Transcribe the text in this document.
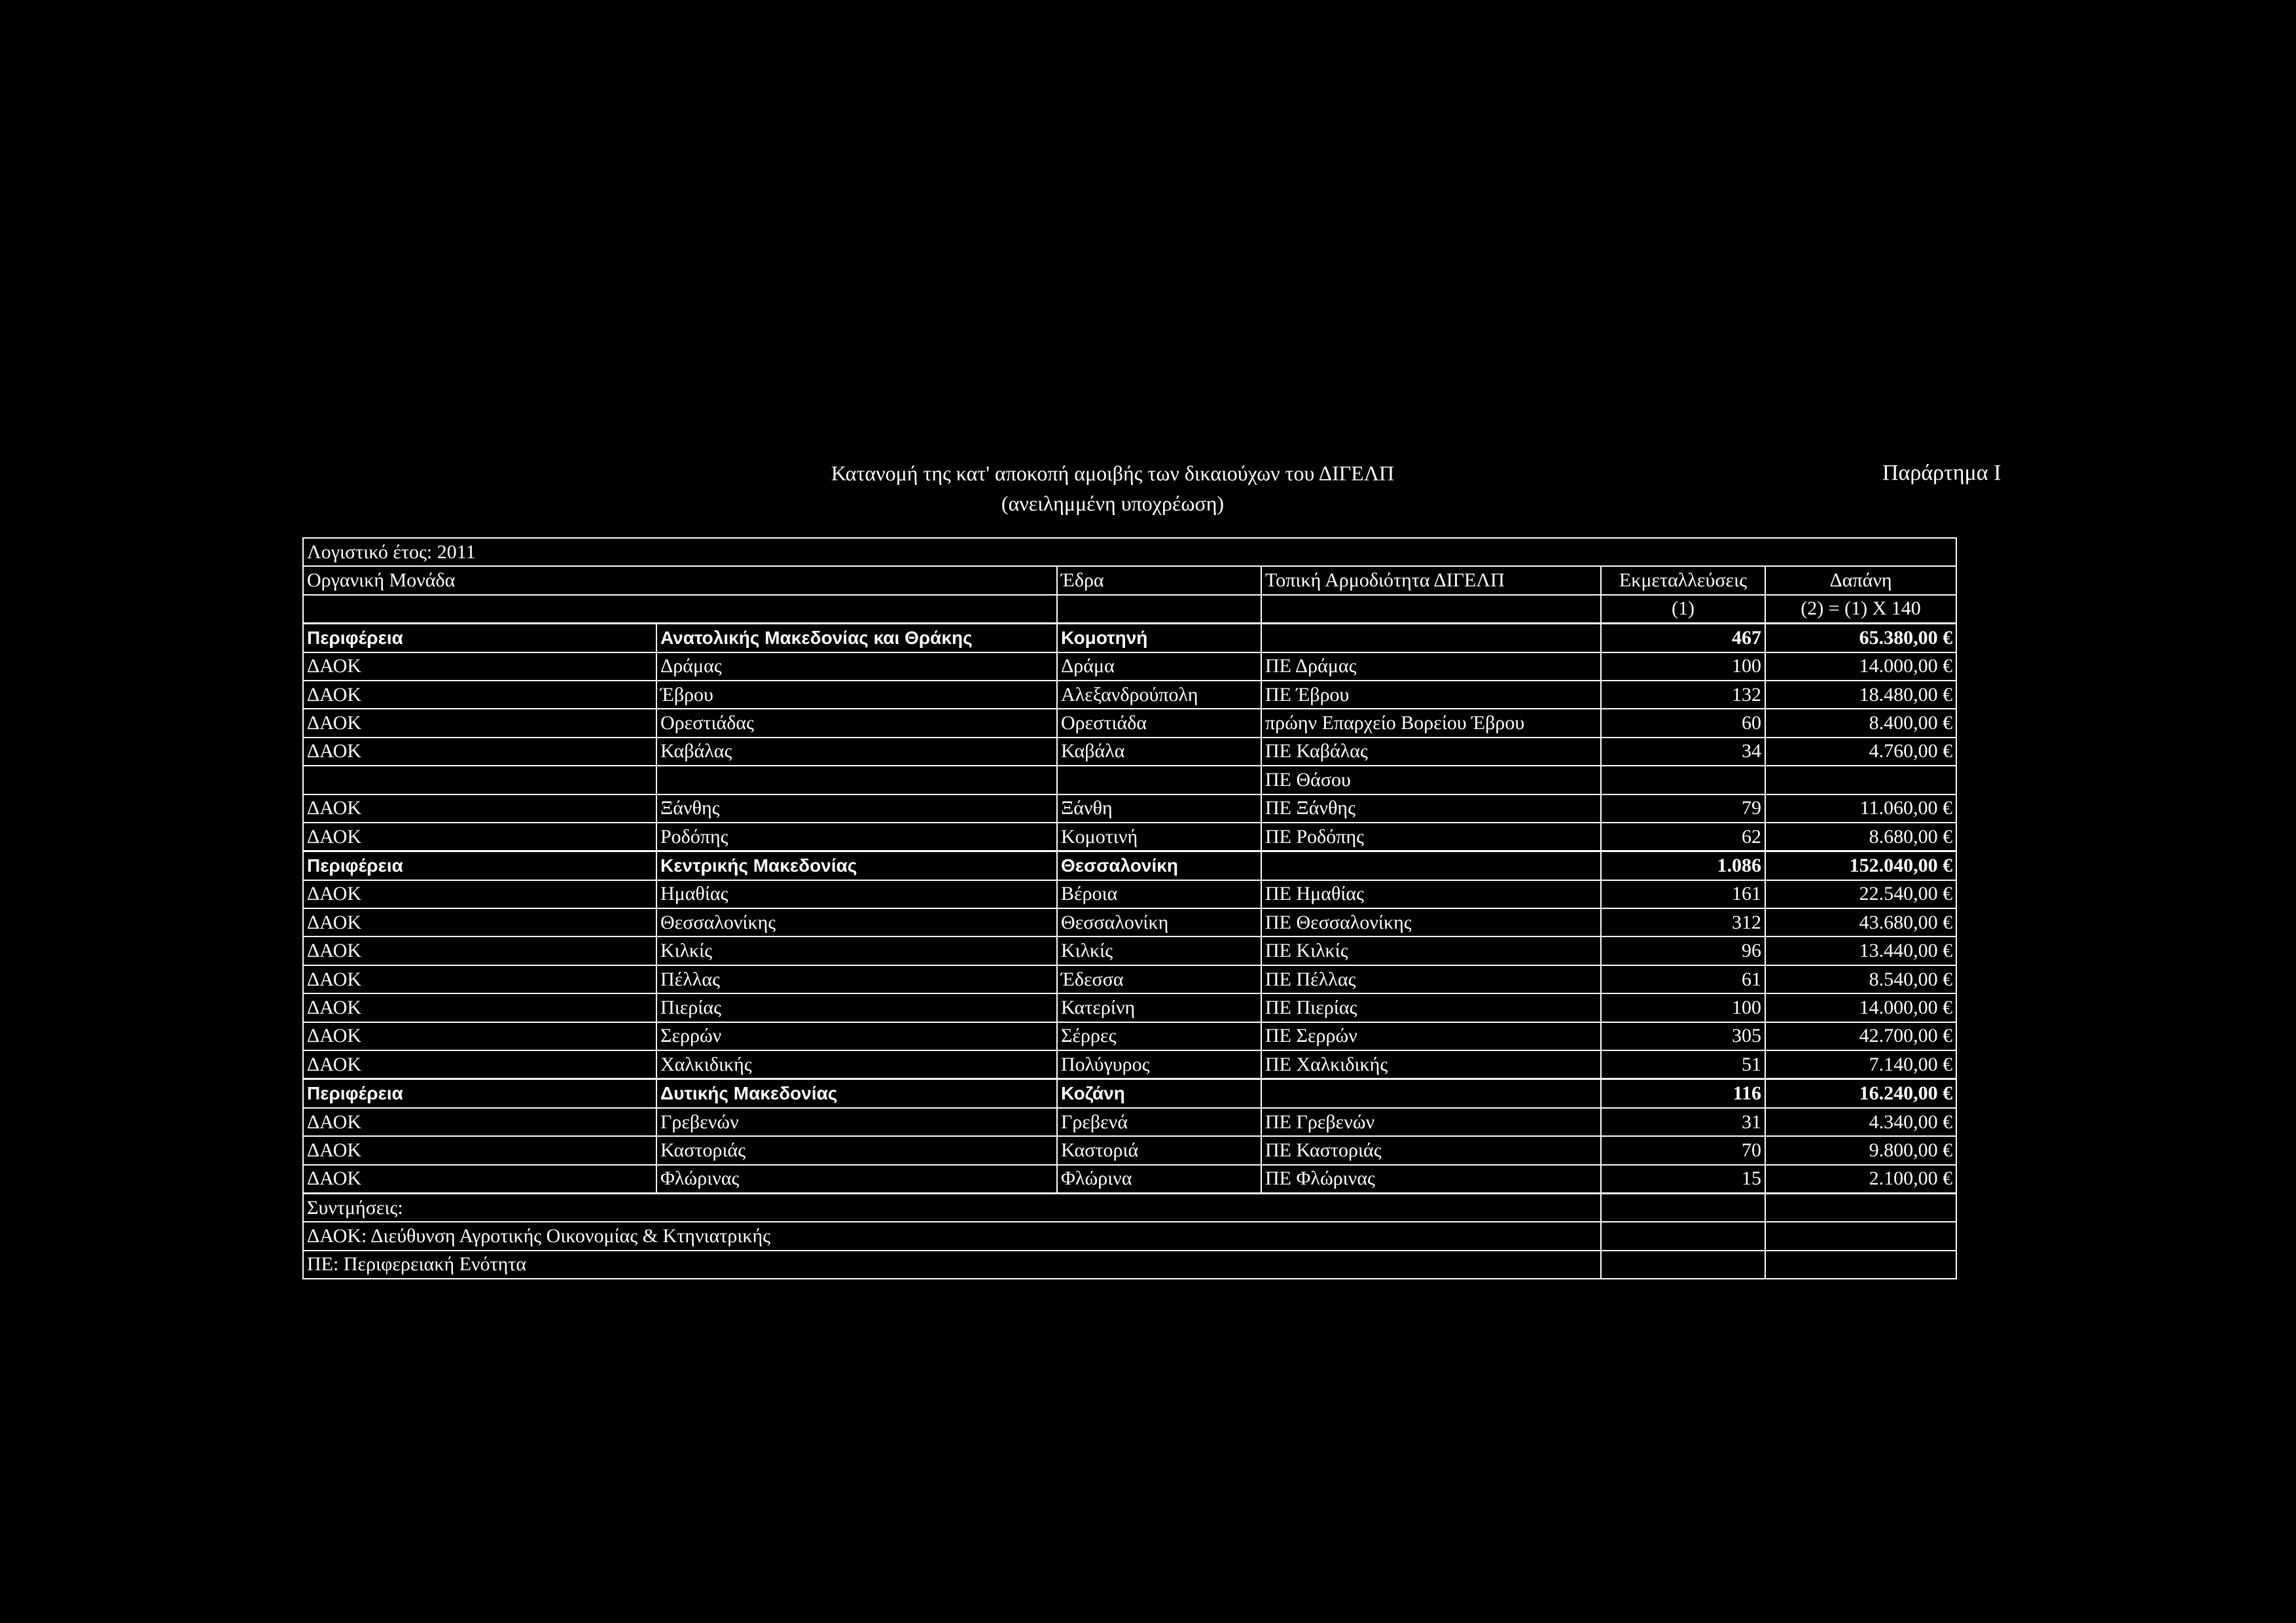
Κατανομή της κατ' αποκοπή αμοιβής των δικαιούχων του ΔΙΓΕΛΠ
(ανειλημμένη υποχρέωση)
Παράρτημα Ι
Λογιστικό έτος: 2011					
Οργανική Μονάδα		Έδρα	Τοπική Αρμοδιότητα ΔΙΓΕΛΠ	Εκμεταλλεύσεις	Δαπάνη
				(1)	(2) = (1) Χ 140
Περιφέρεια	Ανατολικής Μακεδονίας και Θράκης	Κομοτηνή		467	65.380,00 €
ΔΑΟΚ	Δράμας	Δράμα	ΠΕ Δράμας	100	14.000,00 €
ΔΑΟΚ	Έβρου	Αλεξανδρούπολη	ΠΕ Έβρου	132	18.480,00 €
ΔΑΟΚ	Ορεστιάδας	Ορεστιάδα	πρώην Επαρχείο Βορείου Έβρου	60	8.400,00 €
ΔΑΟΚ	Καβάλας	Καβάλα	ΠΕ Καβάλας	34	4.760,00 €
			ΠΕ Θάσου		
ΔΑΟΚ	Ξάνθης	Ξάνθη	ΠΕ Ξάνθης	79	11.060,00 €
ΔΑΟΚ	Ροδόπης	Κομοτινή	ΠΕ Ροδόπης	62	8.680,00 €
Περιφέρεια	Κεντρικής Μακεδονίας	Θεσσαλονίκη		1.086	152.040,00 €
ΔΑΟΚ	Ημαθίας	Βέροια	ΠΕ Ημαθίας	161	22.540,00 €
ΔΑΟΚ	Θεσσαλονίκης	Θεσσαλονίκη	ΠΕ Θεσσαλονίκης	312	43.680,00 €
ΔΑΟΚ	Κιλκίς	Κιλκίς	ΠΕ Κιλκίς	96	13.440,00 €
ΔΑΟΚ	Πέλλας	Έδεσσα	ΠΕ Πέλλας	61	8.540,00 €
ΔΑΟΚ	Πιερίας	Κατερίνη	ΠΕ Πιερίας	100	14.000,00 €
ΔΑΟΚ	Σερρών	Σέρρες	ΠΕ Σερρών	305	42.700,00 €
ΔΑΟΚ	Χαλκιδικής	Πολύγυρος	ΠΕ Χαλκιδικής	51	7.140,00 €
Περιφέρεια	Δυτικής Μακεδονίας	Κοζάνη		116	16.240,00 €
ΔΑΟΚ	Γρεβενών	Γρεβενά	ΠΕ Γρεβενών	31	4.340,00 €
ΔΑΟΚ	Καστοριάς	Καστοριά	ΠΕ Καστοριάς	70	9.800,00 €
ΔΑΟΚ	Φλώρινας	Φλώρινα	ΠΕ Φλώρινας	15	2.100,00 €
Συντμήσεις:					
ΔΑΟΚ: Διεύθυνση Αγροτικής Οικονομίας & Κτηνιατρικής					
ΠΕ: Περιφερειακή Ενότητα					
